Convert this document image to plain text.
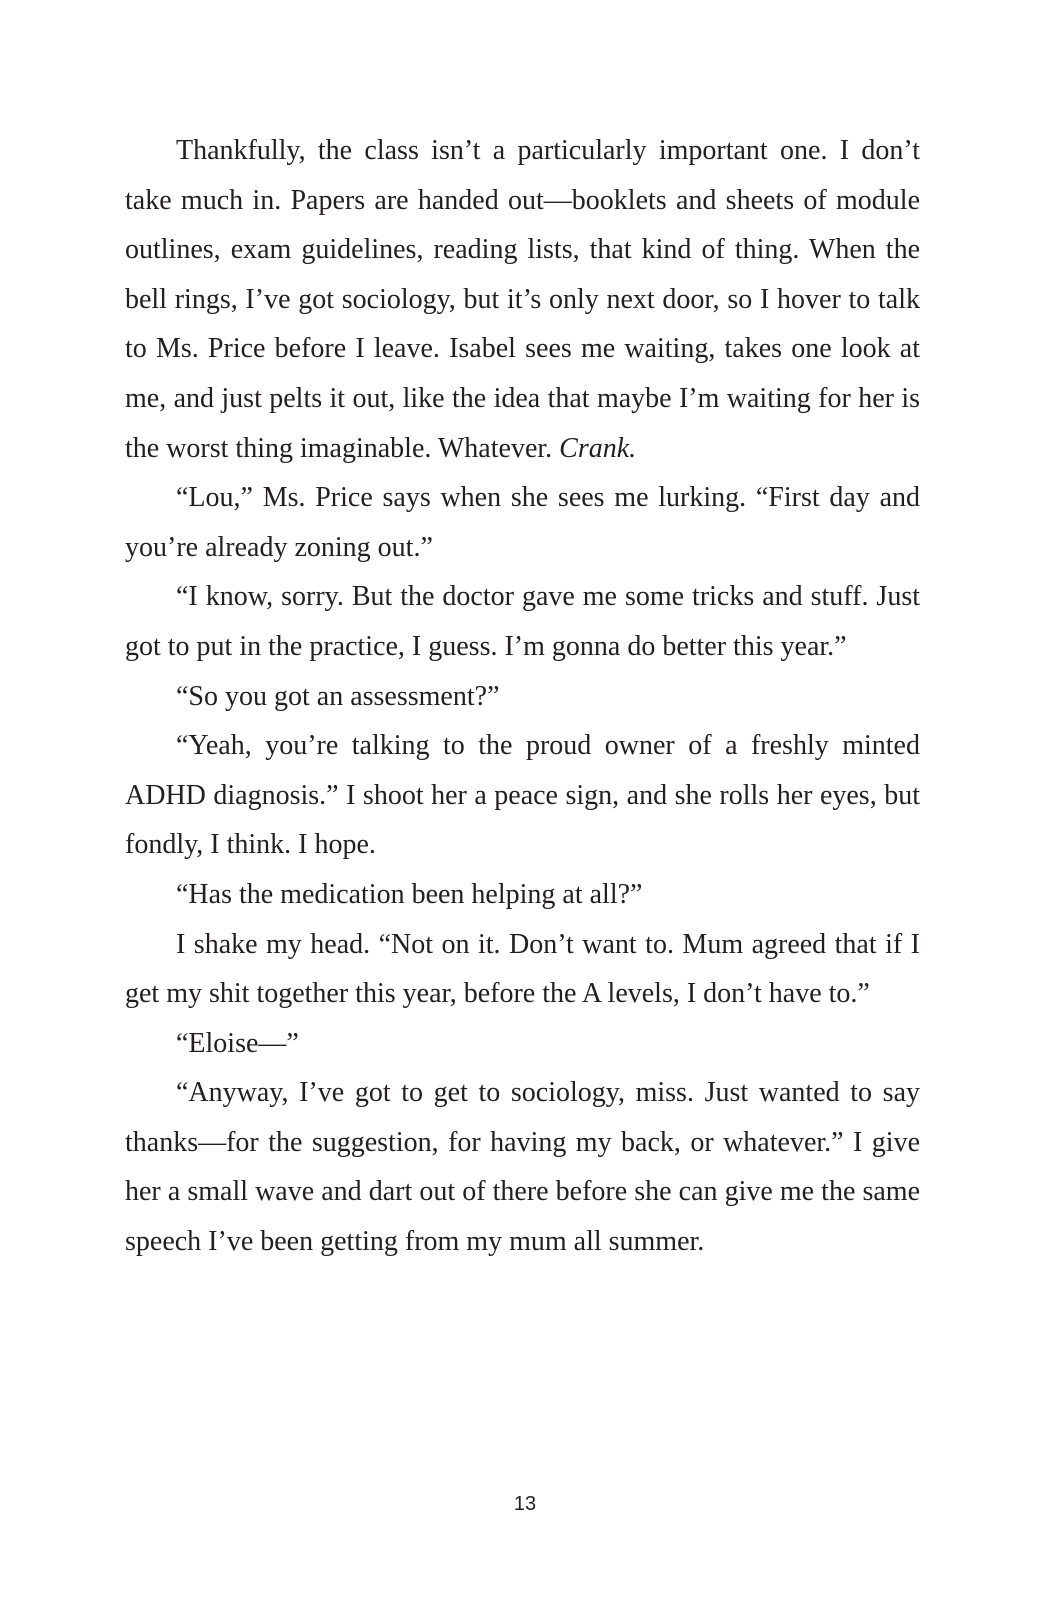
Thankfully, the class isn’t a particularly important one. I don’t take much in. Papers are handed out—booklets and sheets of module outlines, exam guidelines, reading lists, that kind of thing. When the bell rings, I’ve got sociology, but it’s only next door, so I hover to talk to Ms. Price before I leave. Isabel sees me waiting, takes one look at me, and just pelts it out, like the idea that maybe I’m waiting for her is the worst thing imaginable. Whatever. Crank.

“Lou,” Ms. Price says when she sees me lurking. “First day and you’re already zoning out.”

“I know, sorry. But the doctor gave me some tricks and stuff. Just got to put in the practice, I guess. I’m gonna do better this year.”

“So you got an assessment?”

“Yeah, you’re talking to the proud owner of a freshly minted ADHD diagnosis.” I shoot her a peace sign, and she rolls her eyes, but fondly, I think. I hope.

“Has the medication been helping at all?”

I shake my head. “Not on it. Don’t want to. Mum agreed that if I get my shit together this year, before the A levels, I don’t have to.”

“Eloise—”

“Anyway, I’ve got to get to sociology, miss. Just wanted to say thanks—for the suggestion, for having my back, or whatever.” I give her a small wave and dart out of there before she can give me the same speech I’ve been getting from my mum all summer.

13
